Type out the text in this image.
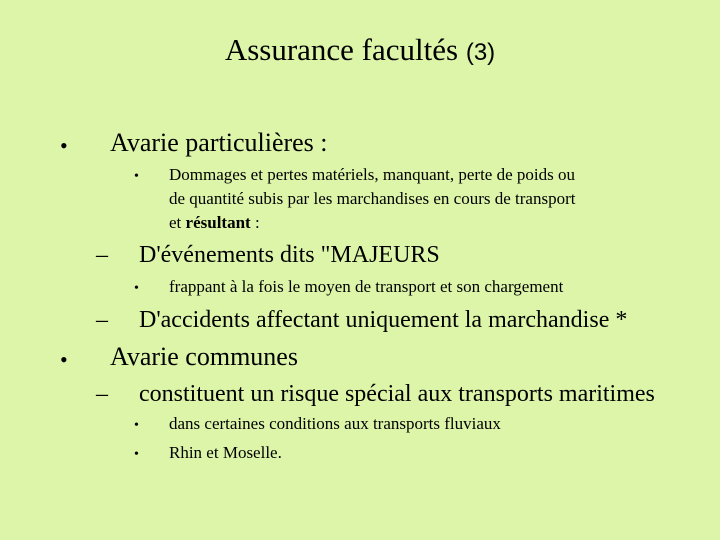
Assurance facultés (3)
• Avarie particulières :
• Dommages et pertes matériels, manquant, perte de poids ou
de quantité subis par les marchandises en cours de transport
et résultant :
– D'événements dits "MAJEURS
• frappant à la fois le moyen de transport et son chargement
– D'accidents affectant uniquement la marchandise *
• Avarie communes
– constituent un risque spécial aux transports maritimes
• dans certaines conditions aux transports fluviaux
• Rhin et Moselle.
